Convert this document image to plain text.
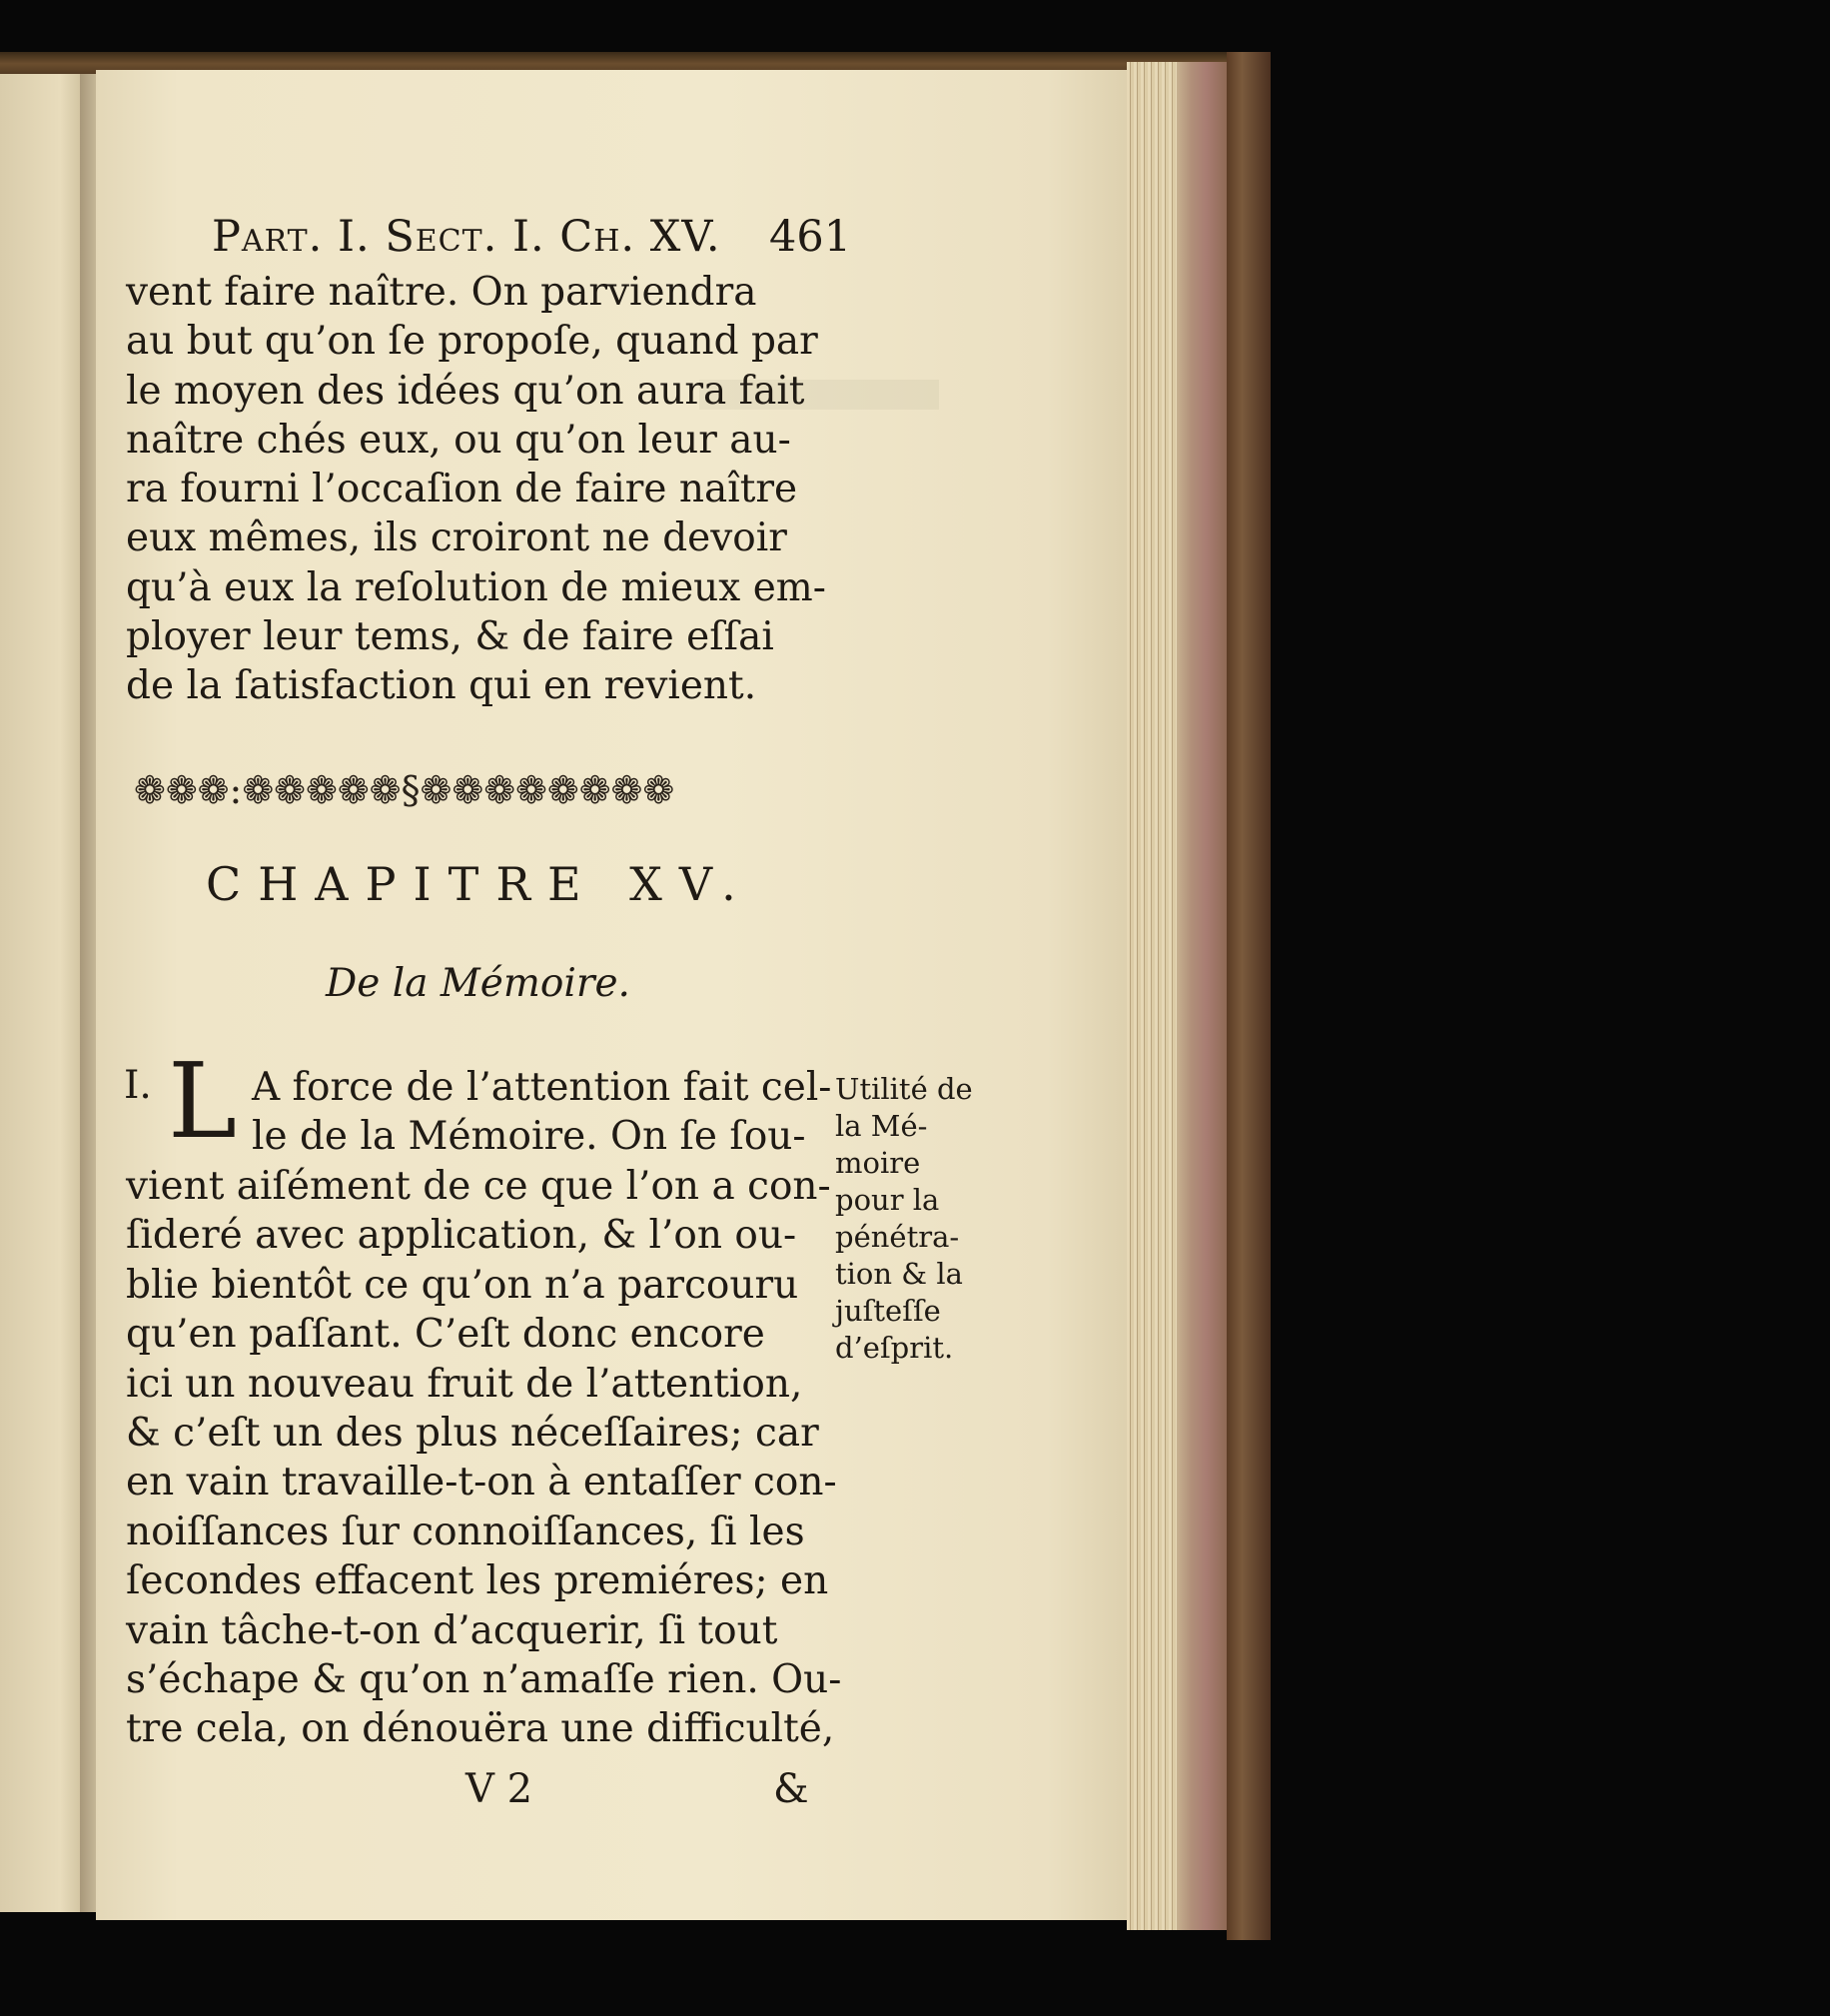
Part. I. Sect. I. Ch. XV. 461
vent faire naître. On parviendra
au but qu’on ſe propoſe, quand par
le moyen des idées qu’on aura fait
naître chés eux, ou qu’on leur au-
ra fourni l’occaſion de faire naître
eux mêmes, ils croiront ne devoir
qu’à eux la reſolution de mieux em-
ployer leur tems, & de faire eſſai
de la ſatisfaction qui en revient.
❁❁❁:❁❁❁❁❁§❁❁❁❁❁❁❁❁
CHAPITRE XV.
De la Mémoire.
I. L A force de l’attention fait cel-
le de la Mémoire. On ſe ſou-
vient aiſément de ce que l’on a con-
ſideré avec application, & l’on ou-
blie bientôt ce qu’on n’a parcouru
qu’en paſſant. C’eſt donc encore
ici un nouveau fruit de l’attention,
& c’eſt un des plus néceſſaires; car
en vain travaille-t-on à entaſſer con-
noiſſances ſur connoiſſances, ſi les
ſecondes effacent les premiéres; en
vain tâche-t-on d’acquerir, ſi tout
s’échape & qu’on n’amaſſe rien. Ou-
tre cela, on dénouëra une difficulté,
Utilité de
la Mé-
moire
pour la
pénétra-
tion & la
juſteſſe
d’eſprit.
V 2	&
